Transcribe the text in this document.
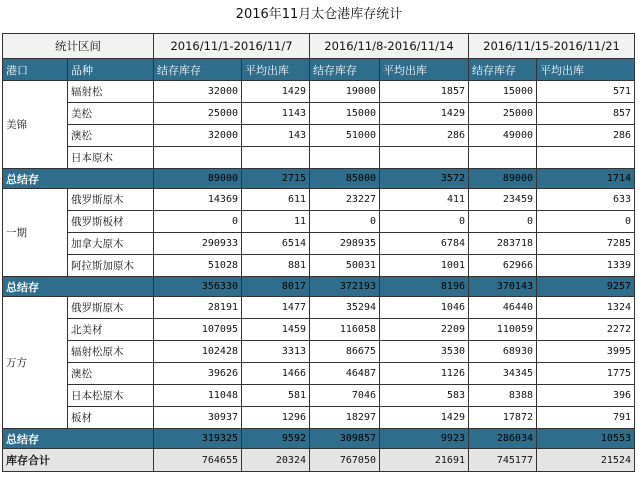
2016年11月太仓港库存统计
统计区间		2016/11/1-2016/11/7		2016/11/8-2016/11/14		2016/11/15-2016/11/21	
港口	品种	结存库存	平均出库	结存库存	平均出库	结存库存	平均出库
美锦	辐射松	32000	1429	19000	1857	15000	571
	美松	25000	1143	15000	1429	25000	857
	澳松	32000	143	51000	286	49000	286
	日本原木						
总结存		89000	2715	85000	3572	89000	1714
一期	俄罗斯原木	14369	611	23227	411	23459	633
	俄罗斯板材	0	11	0	0	0	0
	加拿大原木	290933	6514	298935	6784	283718	7285
	阿拉斯加原木	51028	881	50031	1001	62966	1339
总结存		356330	8017	372193	8196	370143	9257
万方	俄罗斯原木	28191	1477	35294	1046	46440	1324
	北美材	107095	1459	116058	2209	110059	2272
	辐射松原木	102428	3313	86675	3530	68930	3995
	澳松	39626	1466	46487	1126	34345	1775
	日本松原木	11048	581	7046	583	8388	396
	板材	30937	1296	18297	1429	17872	791
总结存		319325	9592	309857	9923	286034	10553
库存合计		764655	20324	767050	21691	745177	21524
